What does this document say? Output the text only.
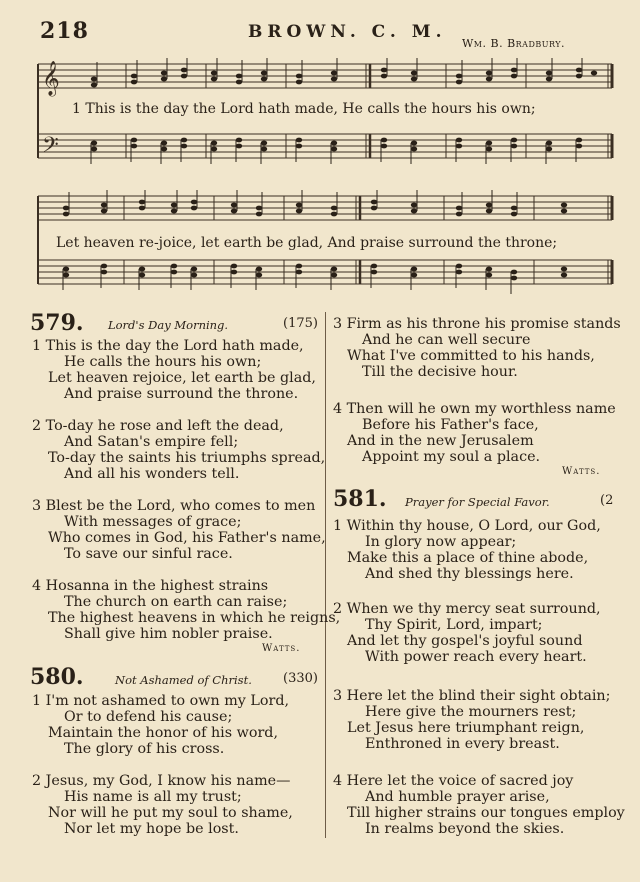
218	BROWN. C. M.
Wm. B. Bradbury.
𝄞
𝄢
1 This is the day the Lord hath made, He calls the hours his own;
Let heaven re-joice, let earth be glad, And praise surround the throne;
579. Lord's Day Morning.	(175)
1 This is the day the Lord hath made,
He calls the hours his own;
Let heaven rejoice, let earth be glad,
And praise surround the throne.
2 To-day he rose and left the dead,
And Satan's empire fell;
To-day the saints his triumphs spread,
And all his wonders tell.
3 Blest be the Lord, who comes to men
With messages of grace;
Who comes in God, his Father's name,
To save our sinful race.
4 Hosanna in the highest strains
The church on earth can raise;
The highest heavens in which he reigns,
Shall give him nobler praise.
Watts.
580.	Not Ashamed of Christ. (330)
1 I'm not ashamed to own my Lord,
Or to defend his cause;
Maintain the honor of his word,
The glory of his cross.
2 Jesus, my God, I know his name—
His name is all my trust;
Nor will he put my soul to shame,
Nor let my hope be lost.
3 Firm as his throne his promise stands
And he can well secure
What I've committed to his hands,
Till the decisive hour.
4 Then will he own my worthless name
Before his Father's face,
And in the new Jerusalem
Appoint my soul a place.
Watts.
581. Prayer for Special Favor.	(2
1 Within thy house, O Lord, our God,
In glory now appear;
Make this a place of thine abode,
And shed thy blessings here.
2 When we thy mercy seat surround,
Thy Spirit, Lord, impart;
And let thy gospel's joyful sound
With power reach every heart.
3 Here let the blind their sight obtain;
Here give the mourners rest;
Let Jesus here triumphant reign,
Enthroned in every breast.
4 Here let the voice of sacred joy
And humble prayer arise,
Till higher strains our tongues employ
In realms beyond the skies.
